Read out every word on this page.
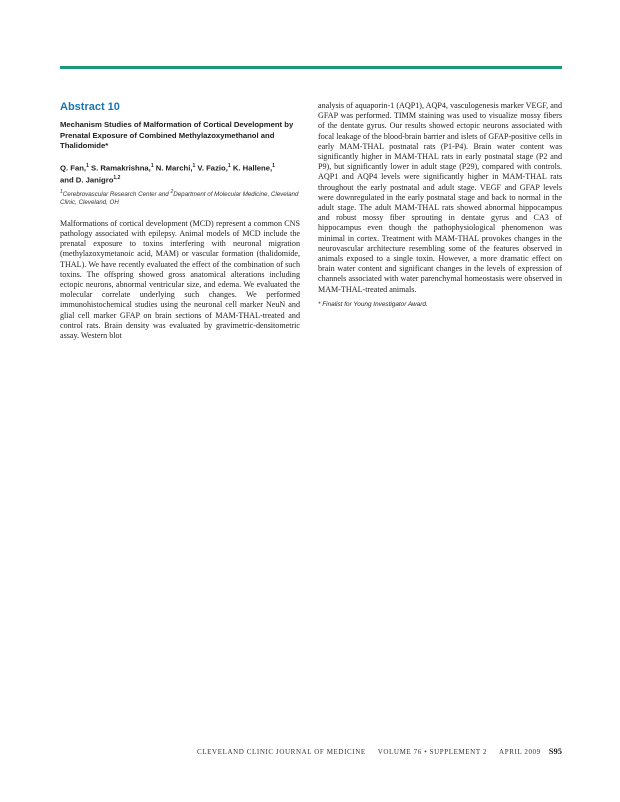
Abstract 10
Mechanism Studies of Malformation of Cortical Development by Prenatal Exposure of Combined Methylazoxymethanol and Thalidomide*
Q. Fan,$^1$ S. Ramakrishna,$^1$ N. Marchi,$^1$ V. Fazio,$^1$ K. Hallene,$^1$
and D. Janigro$^{1,2}$
$^1$Cerebrovascular Research Center and $^2$Department of Molecular Medicine, Cleveland Clinic, Cleveland, OH

Malformations of cortical development (MCD) represent a common CNS pathology associated with epilepsy. Animal models of MCD include the prenatal exposure to toxins interfering with neuronal migration (methylazoxymetanoic acid, MAM) or vascular formation (thalidomide, THAL). We have recently evaluated the effect of the combination of such toxins. The offspring showed gross anatomical alterations including ectopic neurons, abnormal ventricular size, and edema. We evaluated the molecular correlate underlying such changes. We performed immunohistochemical studies using the neuronal cell marker NeuN and glial cell marker GFAP on brain sections of MAM-THAL-treated and control rats. Brain density was evaluated by gravimetric-densitometric assay. Western blot

analysis of aquaporin-1 (AQP1), AQP4, vasculogenesis marker VEGF, and GFAP was performed. TIMM staining was used to visualize mossy fibers of the dentate gyrus. Our results showed ectopic neurons associated with focal leakage of the blood-brain barrier and islets of GFAP-positive cells in early MAM-THAL postnatal rats (P1-P4). Brain water content was significantly higher in MAM-THAL rats in early postnatal stage (P2 and P9), but significantly lower in adult stage (P29), compared with controls. AQP1 and AQP4 levels were significantly higher in MAM-THAL rats throughout the early postnatal and adult stage. VEGF and GFAP levels were downregulated in the early postnatal stage and back to normal in the adult stage. The adult MAM-THAL rats showed abnormal hippocampus and robust mossy fiber sprouting in dentate gyrus and CA3 of hippocampus even though the pathophysiological phenomenon was minimal in cortex. Treatment with MAM-THAL provokes changes in the neurovascular architecture resembling some of the features observed in animals exposed to a single toxin. However, a more dramatic effect on brain water content and significant changes in the levels of expression of channels associated with water parenchymal homeostasis were observed in MAM-THAL-treated animals.

* Finalist for Young Investigator Award.
CLEVELAND CLINIC JOURNAL OF MEDICINE VOLUME 76 • SUPPLEMENT 2 APRIL 2009 S95
